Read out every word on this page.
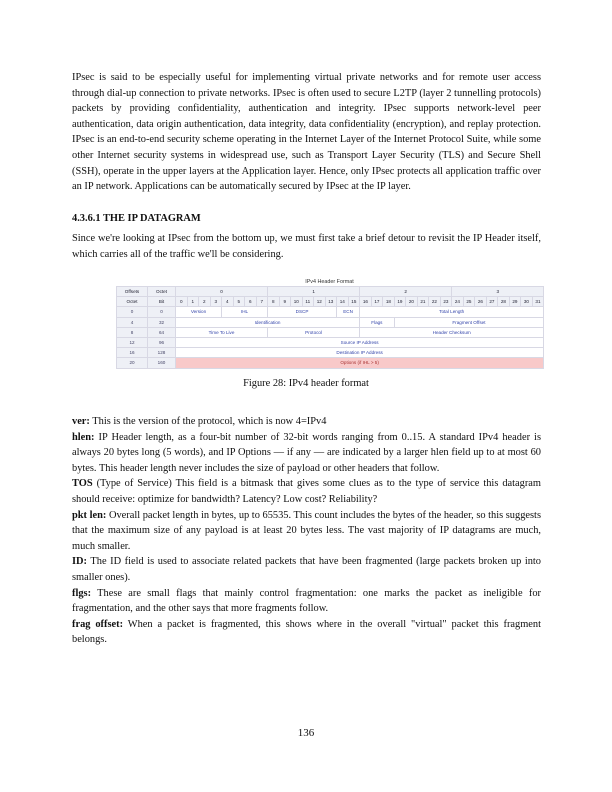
IPsec is said to be especially useful for implementing virtual private networks and for remote user access through dial-up connection to private networks. IPsec is often used to secure L2TP (layer 2 tunnelling protocols) packets by providing confidentiality, authentication and integrity. IPsec supports network-level peer authentication, data origin authentication, data integrity, data confidentiality (encryption), and replay protection. IPsec is an end-to-end security scheme operating in the Internet Layer of the Internet Protocol Suite, while some other Internet security systems in widespread use, such as Transport Layer Security (TLS) and Secure Shell (SSH), operate in the upper layers at the Application layer. Hence, only IPsec protects all application traffic over an IP network. Applications can be automatically secured by IPsec at the IP layer.
4.3.6.1 THE IP DATAGRAM
Since we're looking at IPsec from the bottom up, we must first take a brief detour to revisit the IP Header itself, which carries all of the traffic we'll be considering.
IPv4 Header Format
Offsets	Octet	0								1								2								3							
Octet	Bit	0	1	2	3	4	5	6	7	8	9	10	11	12	13	14	15	16	17	18	19	20	21	22	23	24	25	26	27	28	29	30	31
0	0	Version				IHL				DSCP						ECN		Total Length															
4	32	Identification																Flags			Fragment Offset												
8	64	Time To Live								Protocol								Header Checksum															
12	96	Source IP Address																															
16	128	Destination IP Address																															
20	160	Options (if IHL > 5)																															
Figure 28: IPv4 header format

ver: This is the version of the protocol, which is now 4=IPv4

hlen: IP Header length, as a four-bit number of 32-bit words ranging from 0..15. A standard IPv4 header is always 20 bytes long (5 words), and IP Options — if any — are indicated by a larger hlen field up to at most 60 bytes. This header length never includes the size of payload or other headers that follow.

TOS (Type of Service) This field is a bitmask that gives some clues as to the type of service this datagram should receive: optimize for bandwidth? Latency? Low cost? Reliability?

pkt len: Overall packet length in bytes, up to 65535. This count includes the bytes of the header, so this suggests that the maximum size of any payload is at least 20 bytes less. The vast majority of IP datagrams are much, much smaller.

ID: The ID field is used to associate related packets that have been fragmented (large packets broken up into smaller ones).

flgs: These are small flags that mainly control fragmentation: one marks the packet as ineligible for fragmentation, and the other says that more fragments follow.

frag offset: When a packet is fragmented, this shows where in the overall "virtual" packet this fragment belongs.

136
